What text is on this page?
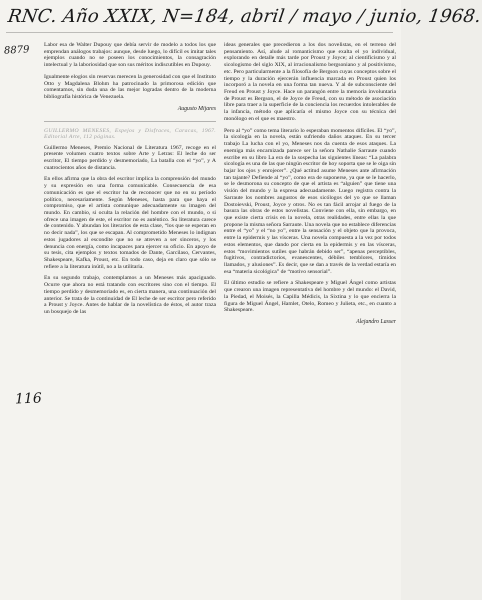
RNC. Año XXIX, N=184, abril / mayo / junio, 1968.
8879
116

Labor esa de Walter Dupouy que debía servir de modelo a todos los que emprendan análogos trabajos: aunque, desde luego, lo difícil es imitar tales ejemplos cuando no se poseen los conocimientos, la consagración intelectual y la laboriosidad que son sus méritos indiscutibles en Dupouy.

Igualmente elogios sin reservas merecen la generosidad con que el Instituto Otto y Magdalena Blohm ha patrocinado la primorosa edición que comentamos, sin duda una de las mejor logradas dentro de la moderna bibliografía histórica de Venezuela.

Augusto Mijares

GUILLERMO MENESES, Espejos y Disfraces, Caracas, 1967. Editorial Arte, 112 páginas.

Guillermo Meneses, Premio Nacional de Literatura 1967, recoge en el presente volumen cuatro textos sobre Arte y Letras: El leche do ser escritor, El tiempo perdido y desmemoriado, La batalla con el “yo”, y A cuatrocientos años de distancia.

En ellos afirma que la obra del escritor implica la comprensión del mundo y su expresión en una forma comunicable. Consecuencia de esa comunicación es que el escritor ha de reconocer que no en su período político, necesariamente. Según Meneses, hasta para que haya el compromiso, que el artista comunique adecuadamente su imagen del mundo. En cambio, si oculta la relación del hombre con el mundo, o si ofrece una imagen de este, el escritor no es auténtico. Su literatura carece de contenido. Y abundan los literarios de esta clase, “los que se esperan en no decir nada”, los que se escapan. Al comprometido Meneses lo indignan estos jugadores al escondite que no se atreven a ser sinceros, y los denuncia con energía, como incapaces para ejercer su oficio. En apoyo de su tesis, cita ejemplos y textos tomados de Dante, Garcilaso, Cervantes, Shakespeare, Kafka, Proust, etc. En todo caso, deja en claro que sólo se refiere a la literatura inútil, no a la utilitaria.

En su segundo trabajo, contemplamos a un Meneses más apaciguado. Ocurre que ahora no está tratando con escritores sino con el tiempo. El tiempo perdido y desmemoriado es, en cierta manera, una continuación del anterior. Se trata de la continuidad de El leche de ser escritor pero referido a Proust y Joyce. Antes de hablar de la novelística de éstos, el autor traza un bosquejo de las

ideas generales que precedieron a los dos novelistas, en el terreno del pensamiento. Así, alude al romanticismo que exalta el yo individual, explorando en detalle más tarde por Proust y Joyce; al cientificismo y al sicologismo del siglo XIX, al irracionalismo bergsoniano y al positivismo, etc. Pero particularmente a la filosofía de Bergson cuyas conceptos sobre el tiempo y la duración ejercerán influencia marcada en Proust quien los incorporó a la novela en una forma tan nueva. Y al de subconsciente del Freud en Proust y Joyce. Hace un parangón entre la memoria involuntaria de Proust es Bergson, el de Joyce de Freud, con su método de asociación libre para traer a la superficie de la conciencia los recuerdos intolerables de la infancia, método que aplicaría el mismo Joyce con su técnica del monólogo en el que es maestro.

Pero al “yo” como tema literario lo esperaban momentos difíciles. El “yo”, la sicología en la novela, están sufriendo daños ataques. En su tercer trabajo La lucha con el yo, Meneses nos da cuenta de esos ataques. La enemiga más encarnizada parece ser la señora Nathalie Sarraute cuando escribe en su libro La era de la sospecha las siguientes líneas: “La palabra sicología es una de las que ningún escritor de hoy soporta que se le oiga sin bajar los ojos y enrojecer”. ¿Qué actitud asume Meneses ante afirmación tan tajante? Defiende al “yo”, como era de suponerse, ya que se le hacerlo, se le desmorona su concepto de que el artista es “alguien” que tiene una visión del mundo y la expresa adecuadamente. Luego registra contra la Sarraute los nombres augustos de esos sicólogos del yo que se llaman Dostoievski, Proust, Joyce y otros. No es tan fácil arrojar al fuego de la basura las obras de estos novelistas. Conviene con ella, sin embargo, en que existe cierta crisis en la novela, otras realidades, entre ellas la que propone la misma señora Sarraute. Una novela que no establece diferencias entre el “yo” y el “no yo”, entre la sensación y el objeto que la provoca, entre la epidermis y las vísceras. Una novela compuesta a la vez por todos estos elementos, que dando por cierta en la epidermis y en las vísceras, estos “movimientos sutiles que habrán debido ser”, “apenas perceptibles, fugitivos, contradictorios, evanescentes, débiles temblores, tímidos llamados, y alusiones”. Es decir, que se dan a través de la verdad estaría en esa “materia sicológica” de “motivo sensorial”.

El último estudio se refiere a Shakespeare y Miguel Ángel como artistas que crearon una imagen representativa del hombre y del mundo: el David, la Piedad, el Moisés, la Capilla Médicis, la Sixtina y lo que encierra la figura de Miguel Ángel, Hamlet, Otelo, Romeo y Julieta, etc., en cuanto a Shakespeare.

Alejandro Lasser
